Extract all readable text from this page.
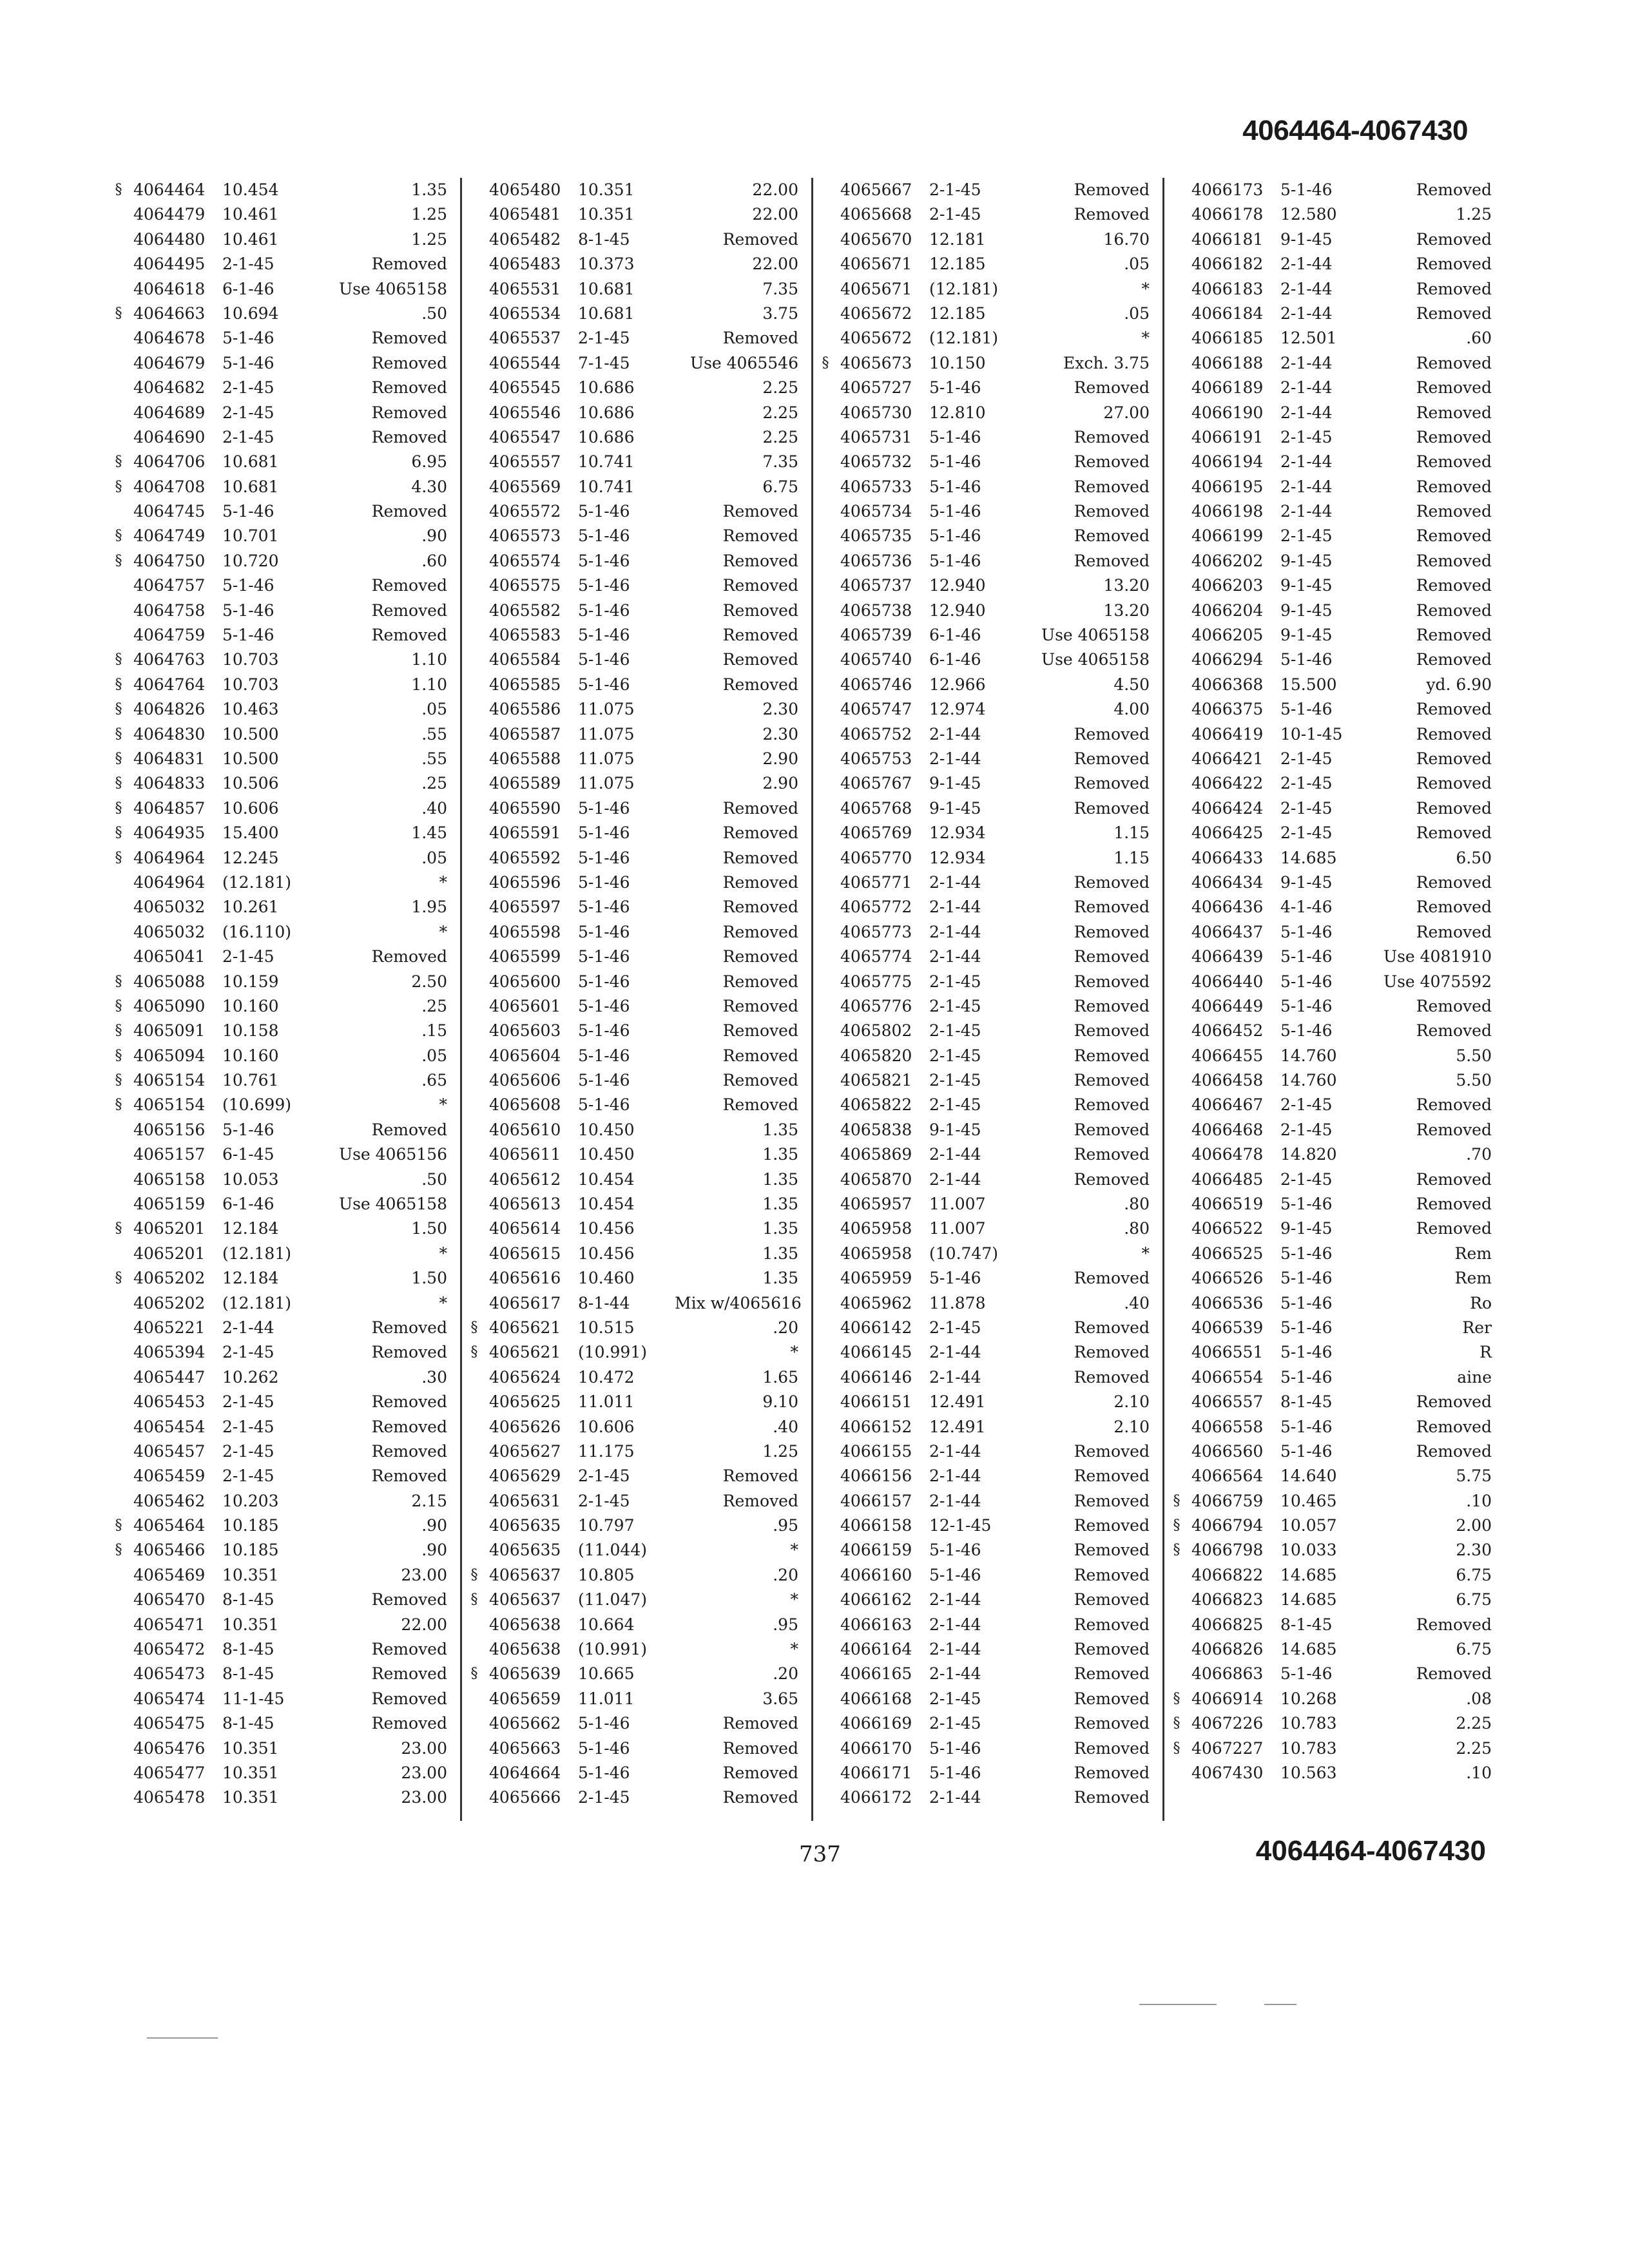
4064464-4067430
§ 4064464	10.454	1.35
4064479	10.461	1.25
4064480	10.461	1.25
4064495	2-1-45	Removed
4064618	6-1-46	Use 4065158
§ 4064663	10.694	.50
4064678	5-1-46	Removed
4064679	5-1-46	Removed
4064682	2-1-45	Removed
4064689	2-1-45	Removed
4064690	2-1-45	Removed
§ 4064706	10.681	6.95
§ 4064708	10.681	4.30
4064745	5-1-46	Removed
§ 4064749	10.701	.90
§ 4064750	10.720	.60
4064757	5-1-46	Removed
4064758	5-1-46	Removed
4064759	5-1-46	Removed
§ 4064763	10.703	1.10
§ 4064764	10.703	1.10
§ 4064826	10.463	.05
§ 4064830	10.500	.55
§ 4064831	10.500	.55
§ 4064833	10.506	.25
§ 4064857	10.606	.40
§ 4064935	15.400	1.45
§ 4064964	12.245	.05
4064964	(12.181)	*
4065032	10.261	1.95
4065032	(16.110)	*
4065041	2-1-45	Removed
§ 4065088	10.159	2.50
§ 4065090	10.160	.25
§ 4065091	10.158	.15
§ 4065094	10.160	.05
§ 4065154	10.761	.65
§ 4065154	(10.699)	*
4065156	5-1-46	Removed
4065157	6-1-45	Use 4065156
4065158	10.053	.50
4065159	6-1-46	Use 4065158
§ 4065201	12.184	1.50
4065201	(12.181)	*
§ 4065202	12.184	1.50
4065202	(12.181)	*
4065221	2-1-44	Removed
4065394	2-1-45	Removed
4065447	10.262	.30
4065453	2-1-45	Removed
4065454	2-1-45	Removed
4065457	2-1-45	Removed
4065459	2-1-45	Removed
4065462	10.203	2.15
§ 4065464	10.185	.90
§ 4065466	10.185	.90
4065469	10.351	23.00
4065470	8-1-45	Removed
4065471	10.351	22.00
4065472	8-1-45	Removed
4065473	8-1-45	Removed
4065474	11-1-45	Removed
4065475	8-1-45	Removed
4065476	10.351	23.00
4065477	10.351	23.00
4065478	10.351	23.00
4065480	10.351	22.00
4065481	10.351	22.00
4065482	8-1-45	Removed
4065483	10.373	22.00
4065531	10.681	7.35
4065534	10.681	3.75
4065537	2-1-45	Removed
4065544	7-1-45	Use 4065546
4065545	10.686	2.25
4065546	10.686	2.25
4065547	10.686	2.25
4065557	10.741	7.35
4065569	10.741	6.75
4065572	5-1-46	Removed
4065573	5-1-46	Removed
4065574	5-1-46	Removed
4065575	5-1-46	Removed
4065582	5-1-46	Removed
4065583	5-1-46	Removed
4065584	5-1-46	Removed
4065585	5-1-46	Removed
4065586	11.075	2.30
4065587	11.075	2.30
4065588	11.075	2.90
4065589	11.075	2.90
4065590	5-1-46	Removed
4065591	5-1-46	Removed
4065592	5-1-46	Removed
4065596	5-1-46	Removed
4065597	5-1-46	Removed
4065598	5-1-46	Removed
4065599	5-1-46	Removed
4065600	5-1-46	Removed
4065601	5-1-46	Removed
4065603	5-1-46	Removed
4065604	5-1-46	Removed
4065606	5-1-46	Removed
4065608	5-1-46	Removed
4065610	10.450	1.35
4065611	10.450	1.35
4065612	10.454	1.35
4065613	10.454	1.35
4065614	10.456	1.35
4065615	10.456	1.35
4065616	10.460	1.35
4065617	8-1-44	Mix w/4065616
§ 4065621	10.515	.20
§ 4065621	(10.991)	*
4065624	10.472	1.65
4065625	11.011	9.10
4065626	10.606	.40
4065627	11.175	1.25
4065629	2-1-45	Removed
4065631	2-1-45	Removed
4065635	10.797	.95
4065635	(11.044)	*
§ 4065637	10.805	.20
§ 4065637	(11.047)	*
4065638	10.664	.95
4065638	(10.991)	*
§ 4065639	10.665	.20
4065659	11.011	3.65
4065662	5-1-46	Removed
4065663	5-1-46	Removed
4064664	5-1-46	Removed
4065666	2-1-45	Removed
4065667	2-1-45	Removed
4065668	2-1-45	Removed
4065670	12.181	16.70
4065671	12.185	.05
4065671	(12.181)	*
4065672	12.185	.05
4065672	(12.181)	*
§ 4065673	10.150	Exch. 3.75
4065727	5-1-46	Removed
4065730	12.810	27.00
4065731	5-1-46	Removed
4065732	5-1-46	Removed
4065733	5-1-46	Removed
4065734	5-1-46	Removed
4065735	5-1-46	Removed
4065736	5-1-46	Removed
4065737	12.940	13.20
4065738	12.940	13.20
4065739	6-1-46	Use 4065158
4065740	6-1-46	Use 4065158
4065746	12.966	4.50
4065747	12.974	4.00
4065752	2-1-44	Removed
4065753	2-1-44	Removed
4065767	9-1-45	Removed
4065768	9-1-45	Removed
4065769	12.934	1.15
4065770	12.934	1.15
4065771	2-1-44	Removed
4065772	2-1-44	Removed
4065773	2-1-44	Removed
4065774	2-1-44	Removed
4065775	2-1-45	Removed
4065776	2-1-45	Removed
4065802	2-1-45	Removed
4065820	2-1-45	Removed
4065821	2-1-45	Removed
4065822	2-1-45	Removed
4065838	9-1-45	Removed
4065869	2-1-44	Removed
4065870	2-1-44	Removed
4065957	11.007	.80
4065958	11.007	.80
4065958	(10.747)	*
4065959	5-1-46	Removed
4065962	11.878	.40
4066142	2-1-45	Removed
4066145	2-1-44	Removed
4066146	2-1-44	Removed
4066151	12.491	2.10
4066152	12.491	2.10
4066155	2-1-44	Removed
4066156	2-1-44	Removed
4066157	2-1-44	Removed
4066158	12-1-45	Removed
4066159	5-1-46	Removed
4066160	5-1-46	Removed
4066162	2-1-44	Removed
4066163	2-1-44	Removed
4066164	2-1-44	Removed
4066165	2-1-44	Removed
4066168	2-1-45	Removed
4066169	2-1-45	Removed
4066170	5-1-46	Removed
4066171	5-1-46	Removed
4066172	2-1-44	Removed
4066173	5-1-46	Removed
4066178	12.580	1.25
4066181	9-1-45	Removed
4066182	2-1-44	Removed
4066183	2-1-44	Removed
4066184	2-1-44	Removed
4066185	12.501	.60
4066188	2-1-44	Removed
4066189	2-1-44	Removed
4066190	2-1-44	Removed
4066191	2-1-45	Removed
4066194	2-1-44	Removed
4066195	2-1-44	Removed
4066198	2-1-44	Removed
4066199	2-1-45	Removed
4066202	9-1-45	Removed
4066203	9-1-45	Removed
4066204	9-1-45	Removed
4066205	9-1-45	Removed
4066294	5-1-46	Removed
4066368	15.500	yd. 6.90
4066375	5-1-46	Removed
4066419	10-1-45	Removed
4066421	2-1-45	Removed
4066422	2-1-45	Removed
4066424	2-1-45	Removed
4066425	2-1-45	Removed
4066433	14.685	6.50
4066434	9-1-45	Removed
4066436	4-1-46	Removed
4066437	5-1-46	Removed
4066439	5-1-46	Use 4081910
4066440	5-1-46	Use 4075592
4066449	5-1-46	Removed
4066452	5-1-46	Removed
4066455	14.760	5.50
4066458	14.760	5.50
4066467	2-1-45	Removed
4066468	2-1-45	Removed
4066478	14.820	.70
4066485	2-1-45	Removed
4066519	5-1-46	Removed
4066522	9-1-45	Removed
4066525	5-1-46	Rem
4066526	5-1-46	Rem
4066536	5-1-46	Ro
4066539	5-1-46	Rer
4066551	5-1-46	R
4066554	5-1-46	aine
4066557	8-1-45	Removed
4066558	5-1-46	Removed
4066560	5-1-46	Removed
4066564	14.640	5.75
§ 4066759	10.465	.10
§ 4066794	10.057	2.00
§ 4066798	10.033	2.30
4066822	14.685	6.75
4066823	14.685	6.75
4066825	8-1-45	Removed
4066826	14.685	6.75
4066863	5-1-46	Removed
§ 4066914	10.268	.08
§ 4067226	10.783	2.25
§ 4067227	10.783	2.25
4067430	10.563	.10
737	4064464-4067430
